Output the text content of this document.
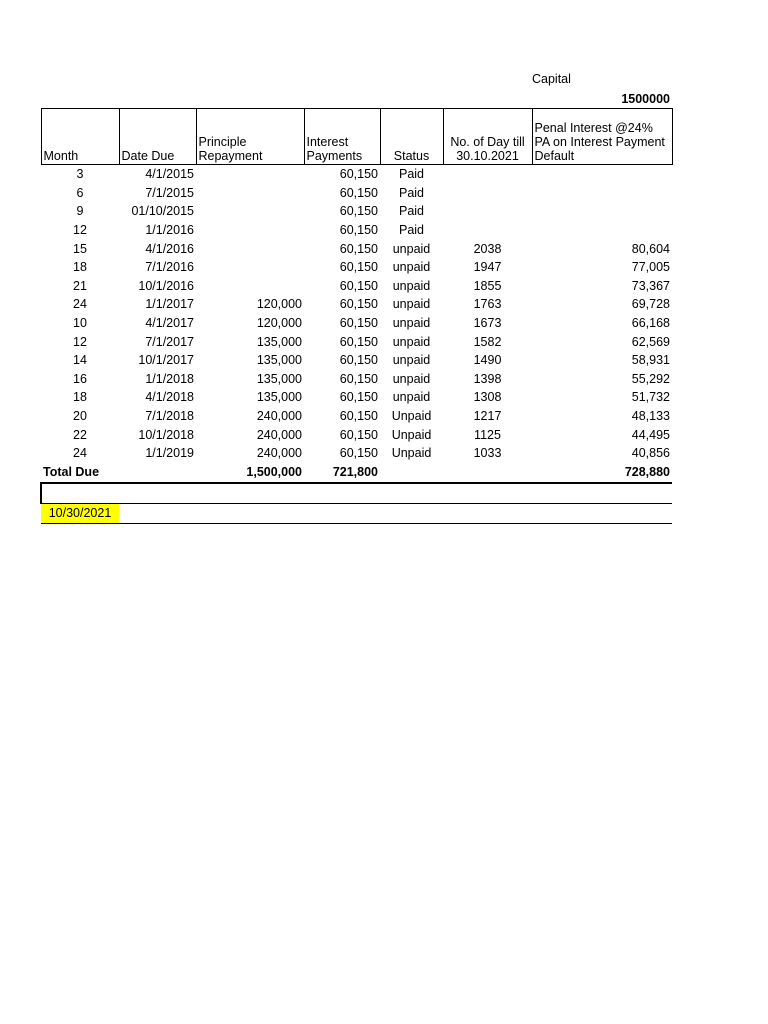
Capital
1500000
Month	Date Due	Principle Repayment	Interest Payments	Status	No. of Day till 30.10.2021	Penal Interest @24% PA on Interest Payment Default
3	4/1/2015		60,150	Paid		
6	7/1/2015		60,150	Paid		
9	01/10/2015		60,150	Paid		
12	1/1/2016		60,150	Paid		
15	4/1/2016		60,150	unpaid	2038	80,604
18	7/1/2016		60,150	unpaid	1947	77,005
21	10/1/2016		60,150	unpaid	1855	73,367
24	1/1/2017	120,000	60,150	unpaid	1763	69,728
10	4/1/2017	120,000	60,150	unpaid	1673	66,168
12	7/1/2017	135,000	60,150	unpaid	1582	62,569
14	10/1/2017	135,000	60,150	unpaid	1490	58,931
16	1/1/2018	135,000	60,150	unpaid	1398	55,292
18	4/1/2018	135,000	60,150	unpaid	1308	51,732
20	7/1/2018	240,000	60,150	Unpaid	1217	48,133
22	10/1/2018	240,000	60,150	Unpaid	1125	44,495
24	1/1/2019	240,000	60,150	Unpaid	1033	40,856
Total Due		1,500,000	721,800			728,880

10/30/2021						
